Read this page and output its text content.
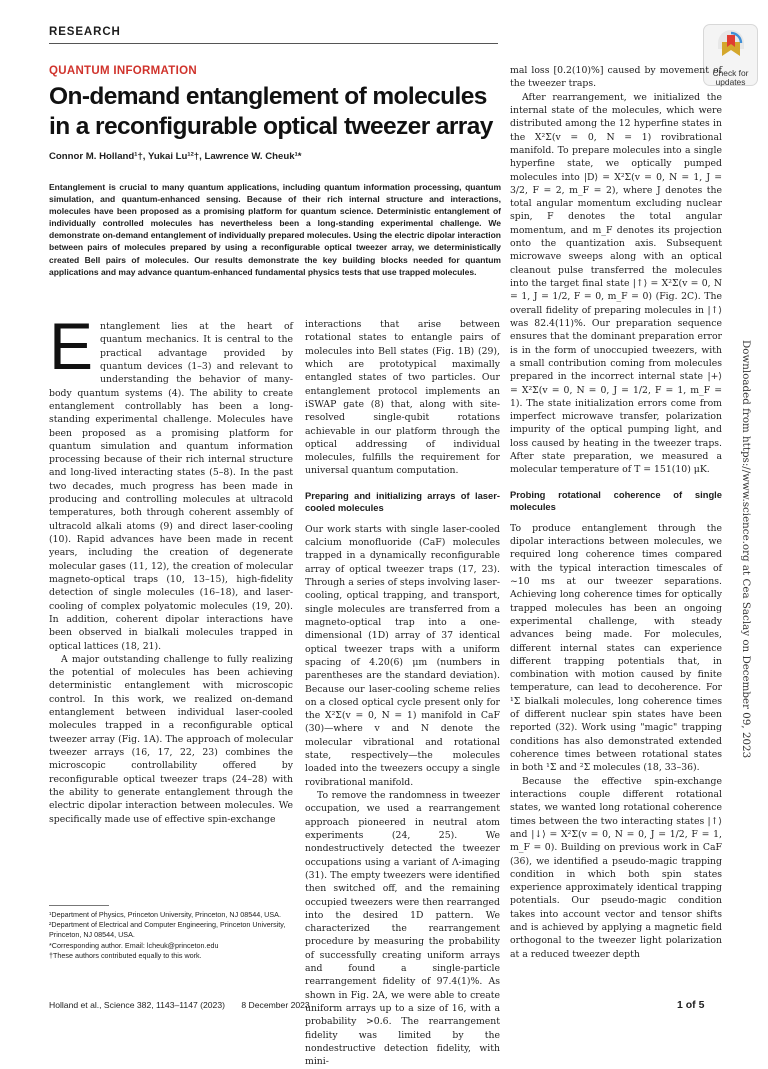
RESEARCH
Check for
updates
QUANTUM INFORMATION
On-demand entanglement of molecules in a reconfigurable optical tweezer array
Connor M. Holland¹†, Yukai Lu¹²†, Lawrence W. Cheuk¹*
Entanglement is crucial to many quantum applications, including quantum information processing, quantum simulation, and quantum-enhanced sensing. Because of their rich internal structure and interactions, molecules have been proposed as a promising platform for quantum science. Deterministic entanglement of individually controlled molecules has nevertheless been a long-standing experimental challenge. We demonstrate on-demand entanglement of individually prepared molecules. Using the electric dipolar interaction between pairs of molecules prepared by using a reconfigurable optical tweezer array, we deterministically created Bell pairs of molecules. Our results demonstrate the key building blocks needed for quantum applications and may advance quantum-enhanced fundamental physics tests that use trapped molecules.
E ntanglement lies at the heart of quantum mechanics. It is central to the practical advantage provided by quantum devices (1–3) and relevant to understanding the behavior of many-body quantum systems (4). The ability to create entanglement controllably has been a long-standing experimental challenge. Molecules have been proposed as a promising platform for quantum simulation and quantum information processing because of their rich internal structure and long-lived interacting states (5–8). In the past two decades, much progress has been made in producing and controlling molecules at ultracold temperatures, both through coherent assembly of ultracold alkali atoms (9) and direct laser-cooling (10). Rapid advances have been made in recent years, including the creation of degenerate molecular gases (11, 12), the creation of molecular magneto-optical traps (10, 13–15), high-fidelity detection of single molecules (16–18), and laser-cooling of complex polyatomic molecules (19, 20). In addition, coherent dipolar interactions have been observed in bialkali molecules trapped in optical lattices (18, 21).

A major outstanding challenge to fully realizing the potential of molecules has been achieving deterministic entanglement with microscopic control. In this work, we realized on-demand entanglement between individual laser-cooled molecules trapped in a reconfigurable optical tweezer array (Fig. 1A). The approach of molecular tweezer arrays (16, 17, 22, 23) combines the microscopic controllability offered by reconfigurable optical tweezer traps (24–28) with the ability to generate entanglement through the electric dipolar interaction between molecules. We specifically made use of effective spin-exchange

interactions that arise between rotational states to entangle pairs of molecules into Bell states (Fig. 1B) (29), which are prototypical maximally entangled states of two particles. Our entanglement protocol implements an iSWAP gate (8) that, along with site-resolved single-qubit rotations achievable in our platform through the optical addressing of individual molecules, fulfills the requirement for universal quantum computation.

Preparing and initializing arrays of laser-cooled molecules

Our work starts with single laser-cooled calcium monofluoride (CaF) molecules trapped in a dynamically reconfigurable array of optical tweezer traps (17, 23). Through a series of steps involving laser-cooling, optical trapping, and transport, single molecules are transferred from a magneto-optical trap into a one-dimensional (1D) array of 37 identical optical tweezer traps with a uniform spacing of 4.20(6) μm (numbers in parentheses are the standard deviation). Because our laser-cooling scheme relies on a closed optical cycle present only for the X²Σ(v = 0, N = 1) manifold in CaF (30)—where v and N denote the molecular vibrational and rotational state, respectively—the molecules loaded into the tweezers occupy a single rovibrational manifold.

To remove the randomness in tweezer occupation, we used a rearrangement approach pioneered in neutral atom experiments (24, 25). We nondestructively detected the tweezer occupations using a variant of Λ-imaging (31). The empty tweezers were identified then switched off, and the remaining occupied tweezers were then rearranged into the desired 1D pattern. We characterized the rearrangement procedure by measuring the probability of successfully creating uniform arrays and found a single-particle rearrangement fidelity of 97.4(1)%. As shown in Fig. 2A, we were able to create uniform arrays up to a size of 16, with a probability >0.6. The rearrangement fidelity was limited by the nondestructive detection fidelity, with mini-

mal loss [0.2(10)%] caused by movement of the tweezer traps.

After rearrangement, we initialized the internal state of the molecules, which were distributed among the 12 hyperfine states in the X²Σ(v = 0, N = 1) rovibrational manifold. To prepare molecules into a single hyperfine state, we optically pumped molecules into |D⟩ = X²Σ(v = 0, N = 1, J = 3/2, F = 2, m_F = 2), where J denotes the total angular momentum excluding nuclear spin, F denotes the total angular momentum, and m_F denotes its projection onto the quantization axis. Subsequent microwave sweeps along with an optical cleanout pulse transferred the molecules into the target final state |↑⟩ = X²Σ(v = 0, N = 1, J = 1/2, F = 0, m_F = 0) (Fig. 2C). The overall fidelity of preparing molecules in |↑⟩ was 82.4(11)%. Our preparation sequence ensures that the dominant preparation error is in the form of unoccupied tweezers, with a small contribution coming from molecules prepared in the incorrect internal state |+⟩ = X²Σ(v = 0, N = 0, J = 1/2, F = 1, m_F = 1). The state initialization errors come from imperfect microwave transfer, polarization impurity of the optical pumping light, and loss caused by heating in the tweezer traps. After state preparation, we measured a molecular temperature of T = 151(10) μK.

Probing rotational coherence of single molecules

To produce entanglement through the dipolar interactions between molecules, we required long coherence times compared with the typical interaction timescales of ~10 ms at our tweezer separations. Achieving long coherence times for optically trapped molecules has been an ongoing experimental challenge, with steady advances being made. For molecules, different internal states can experience different trapping potentials that, in combination with motion caused by finite temperature, can lead to decoherence. For ¹Σ bialkali molecules, long coherence times of different nuclear spin states have been reported (32). Work using "magic" trapping conditions has also demonstrated extended coherence times between rotational states in both ¹Σ and ²Σ molecules (18, 33–36).

Because the effective spin-exchange interactions couple different rotational states, we wanted long rotational coherence times between the two interacting states |↑⟩ and |↓⟩ = X²Σ(v = 0, N = 0, J = 1/2, F = 1, m_F = 0). Building on previous work in CaF (36), we identified a pseudo-magic trapping condition in which both spin states experience approximately identical trapping potentials. Our pseudo-magic condition takes into account vector and tensor shifts and is achieved by applying a magnetic field orthogonal to the tweezer light polarization at a reduced tweezer depth

¹Department of Physics, Princeton University, Princeton, NJ 08544, USA. ²Department of Electrical and Computer Engineering, Princeton University, Princeton, NJ 08544, USA.
*Corresponding author. Email: lcheuk@princeton.edu
†These authors contributed equally to this work.
Holland et al., Science 382, 1143–1147 (2023) 8 December 2023	1 of 5
Downloaded from https://www.science.org at Cea Saclay on December 09, 2023
